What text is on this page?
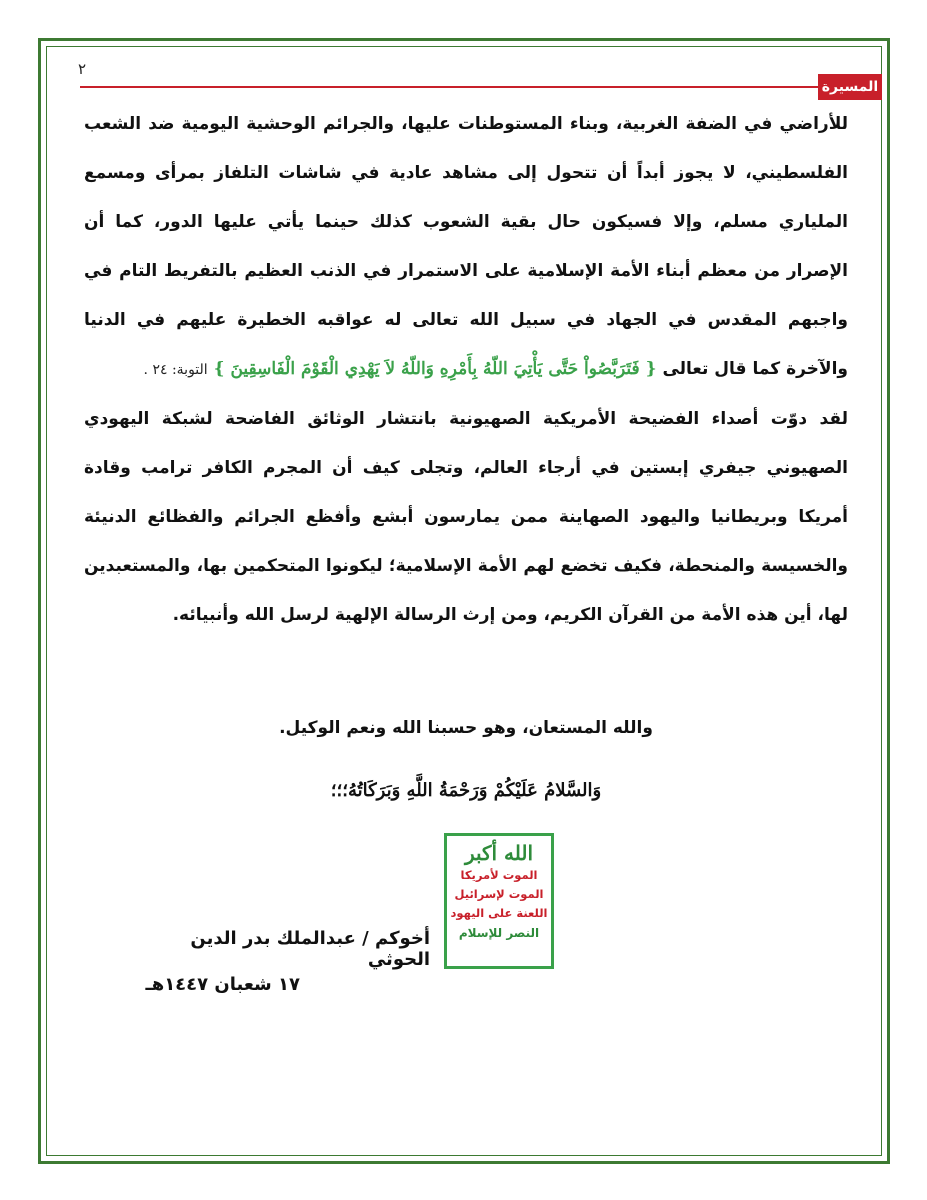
٢
المسيرة

للأراضي في الضفة الغربية، وبناء المستوطنات عليها، والجرائم الوحشية اليومية ضد الشعب الفلسطيني، لا يجوز أبداً أن تتحول إلى مشاهد عادية في شاشات التلفاز بمرأى ومسمع الملياري مسلم، وإلا فسيكون حال بقية الشعوب كذلك حينما يأتي عليها الدور، كما أن الإصرار من معظم أبناء الأمة الإسلامية على الاستمرار في الذنب العظيم بالتفريط التام في واجبهم المقدس في الجهاد في سبيل الله تعالى له عواقبه الخطيرة عليهم في الدنيا والآخرة كما قال تعالى { فَتَرَبَّصُواْ حَتَّى يَأْتِيَ اللّهُ بِأَمْرِهِ وَاللّهُ لاَ يَهْدِي الْقَوْمَ الْفَاسِقِينَ } التوبة: ٢٤ .

لقد دوّت أصداء الفضيحة الأمريكية الصهيونية بانتشار الوثائق الفاضحة لشبكة اليهودي الصهيوني جيفري إبستين في أرجاء العالم، وتجلى كيف أن المجرم الكافر ترامب وقادة أمريكا وبريطانيا واليهود الصهاينة ممن يمارسون أبشع وأفظع الجرائم والفظائع الدنيئة والخسيسة والمنحطة، فكيف تخضع لهم الأمة الإسلامية؛ ليكونوا المتحكمين بها، والمستعبدين لها، أين هذه الأمة من القرآن الكريم، ومن إرث الرسالة الإلهية لرسل الله وأنبيائه.

والله المستعان، وهو حسبنا الله ونعم الوكيل.
وَالسَّلامُ عَلَيْكُمْ وَرَحْمَةُ اللَّهِ وَبَرَكَاتُهُ؛؛؛
الله أكبر
الموت لأمريكا
الموت لإسرائيل
اللعنة على اليهود
النصر للإسلام
أخوكم / عبدالملك بدر الدين الحوثي
١٧ شعبان ١٤٤٧هـ
